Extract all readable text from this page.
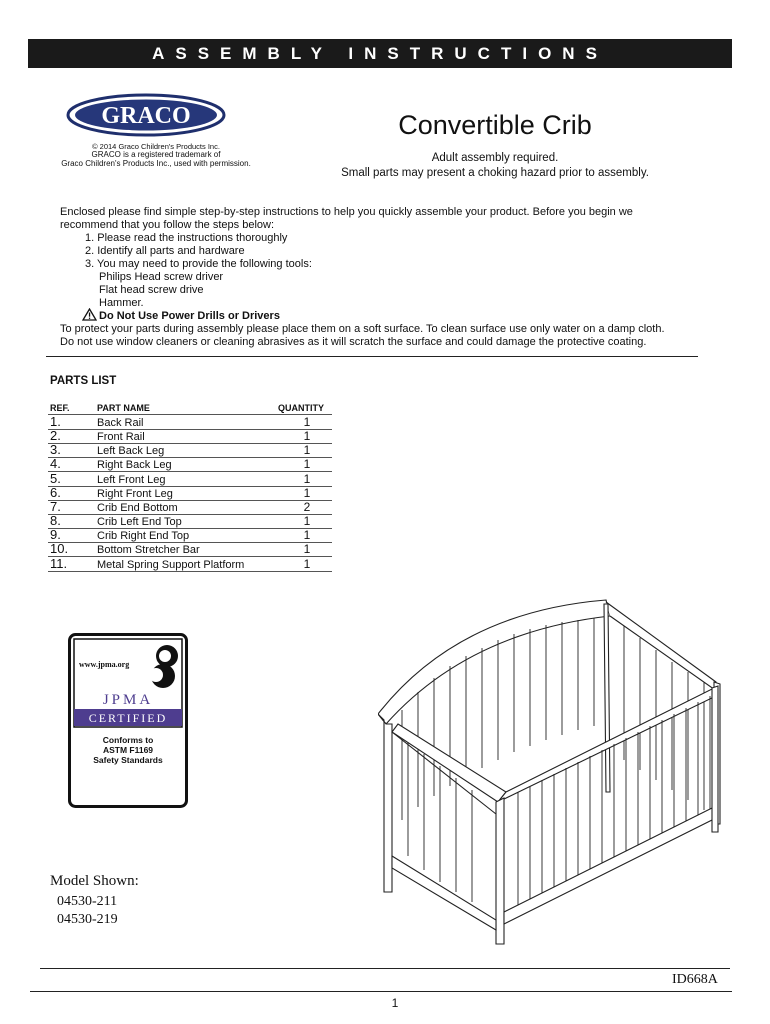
ASSEMBLY INSTRUCTIONS
GRACO
© 2014 Graco Children's Products Inc.
GRACO is a registered trademark of
Graco Children's Products Inc., used with permission.
Convertible Crib
Adult assembly required.
Small parts may present a choking hazard prior to assembly.
Enclosed please find simple step-by-step instructions to help you quickly assemble your product. Before you begin we
recommend that you follow the steps below:
1. Please read the instructions thoroughly
2. Identify all parts and hardware
3. You may need to provide the following tools:
Philips Head screw driver
Flat head screw drive
Hammer.
Do Not Use Power Drills or Drivers
To protect your parts during assembly please place them on a soft surface. To clean surface use only water on a damp cloth.
Do not use window cleaners or cleaning abrasives as it will scratch the surface and could damage the protective coating.
PARTS LIST
REF.	PART NAME	QUANTITY
1.	Back Rail	1
2.	Front Rail	1
3.	Left Back Leg	1
4.	Right Back Leg	1
5.	Left Front Leg	1
6.	Right Front Leg	1
7.	Crib End Bottom	2
8.	Crib Left End Top	1
9.	Crib Right End Top	1
10.	Bottom Stretcher Bar	1
11.	Metal Spring Support Platform	1
www.jpma.org
JPMA
CERTIFIED
Conforms to
ASTM F1169
Safety Standards
Model Shown:
04530-211
04530-219
ID668A
1
